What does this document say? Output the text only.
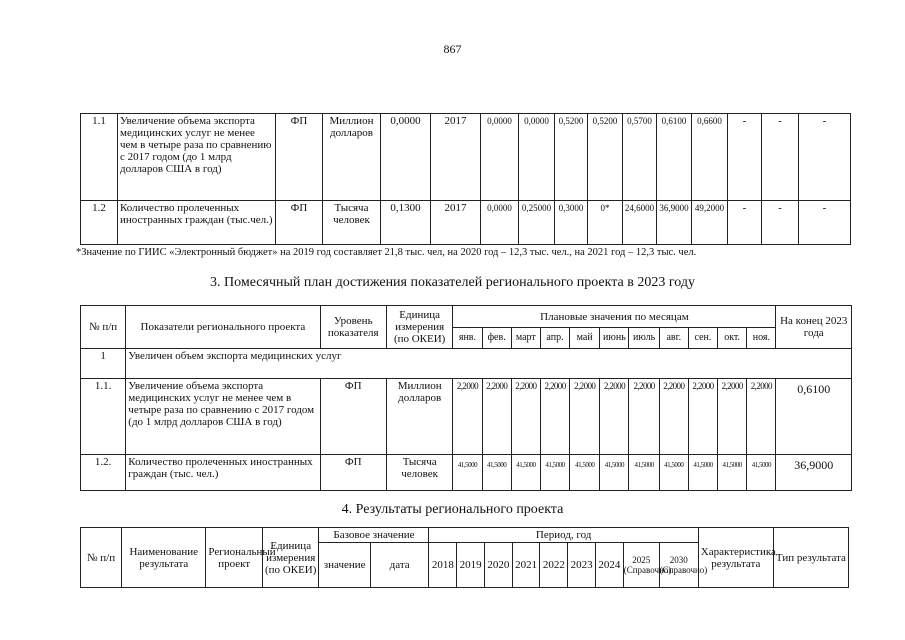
867
1.1	Увеличение объема экспорта медицинских услуг не менее чем в четыре раза по сравнению с 2017 годом (до 1 млрд долларов США в год)	ФП	Миллион долларов	0,0000	2017	0,0000	0,0000	0,5200	0,5200	0,5700	0,6100	0,6600	-	-	-
1.2	Количество пролеченных иностранных граждан (тыс.чел.)	ФП	Тысяча человек	0,1300	2017	0,0000	0,25000	0,3000	0*	24,6000	36,9000	49,2000	-	-	-
*Значение по ГИИС «Электронный бюджет» на 2019 год составляет 21,8 тыс. чел, на 2020 год – 12,3 тыс. чел., на 2021 год – 12,3 тыс. чел.
3. Помесячный план достижения показателей регионального проекта в 2023 году
№ п/п	Показатели регионального проекта	Уровень показателя	Единица измерения (по ОКЕИ)	Плановые значения по месяцам											На конец 2023 года
				янв.	фев.	март	апр.	май	июнь	июль	авг.	сен.	окт.	ноя.	
1	Увеличен объем экспорта медицинских услуг														
1.1.	Увеличение объема экспорта медицинских услуг не менее чем в четыре раза по сравнению с 2017 годом (до 1 млрд долларов США в год)	ФП	Миллион долларов	2,2000	2,2000	2,2000	2,2000	2,2000	2,2000	2,2000	2,2000	2,2000	2,2000	2,2000	0,6100
1.2.	Количество пролеченных иностранных граждан (тыс. чел.)	ФП	Тысяча человек	41,5000	41,5000	41,5000	41,5000	41,5000	41,5000	41,5000	41,5000	41,5000	41,5000	41,5000	36,9000
4. Результаты регионального проекта
№ п/п	Наименование результата	Региональный проект	Единица измерения (по ОКЕИ)	Базовое значение		Период, год									Характеристика результата	Тип результата
				значение	дата	2018	2019	2020	2021	2022	2023	2024	2025 (Справочно)	2030 (Справочно)		
